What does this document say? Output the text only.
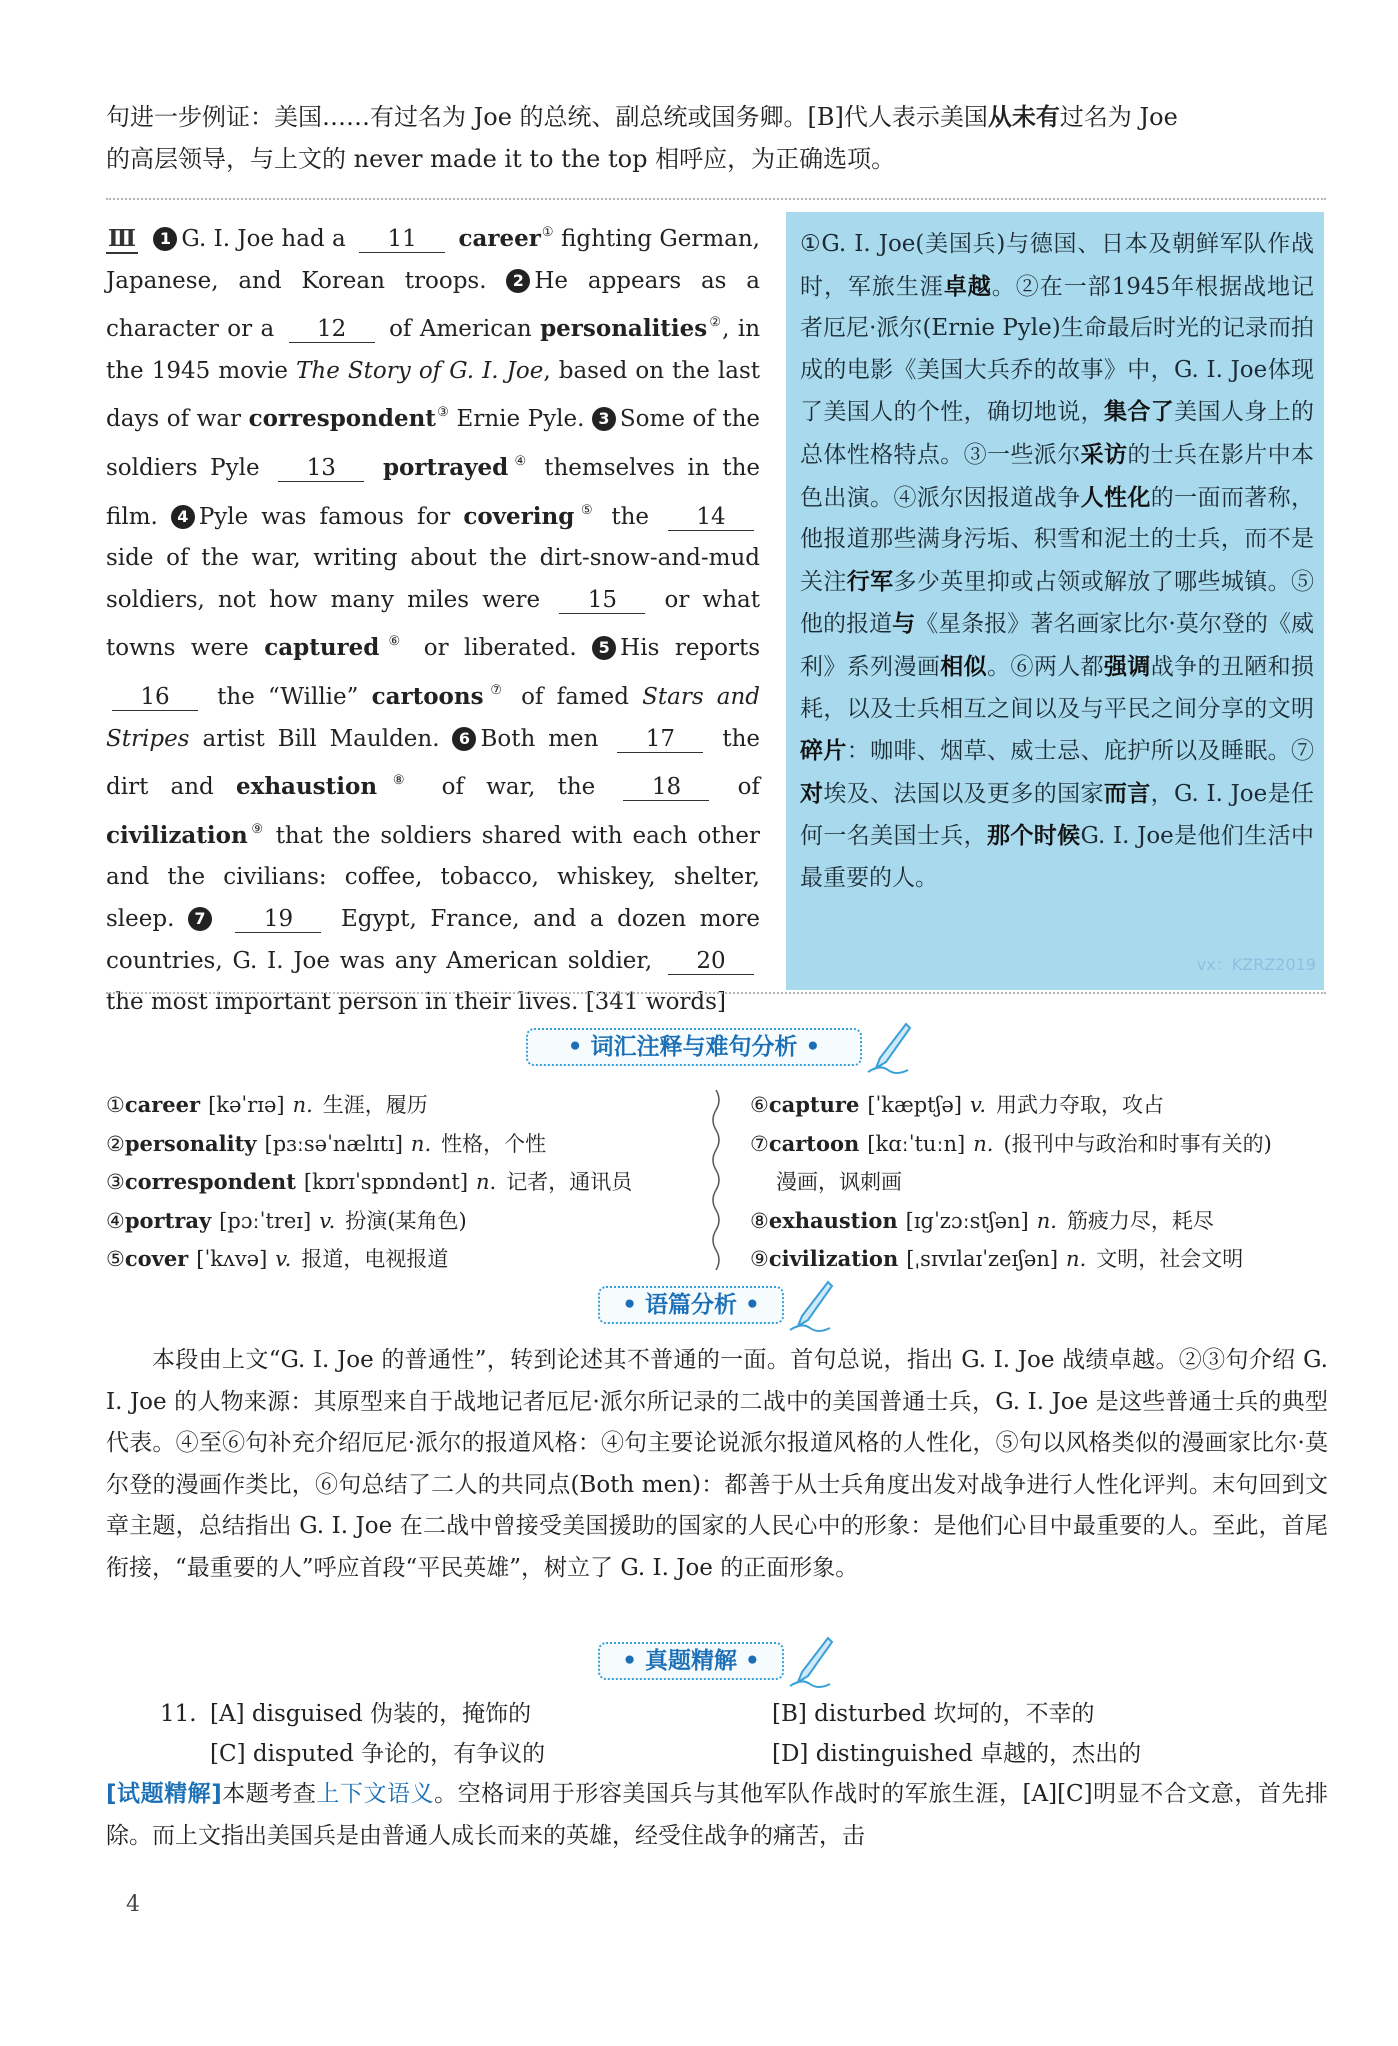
句进一步例证：美国……有过名为 Joe 的总统、副总统或国务卿。[B]代人表示美国从未有过名为 Joe

的高层领导，与上文的 never made it to the top 相呼应，为正确选项。

Ⅲ 1 G. I. Joe had a 11 career① fighting German, Japanese, and Korean troops. 2 He appears as a character or a 12 of American personalities②, in the 1945 movie The Story of G. I. Joe, based on the last days of war correspondent③ Ernie Pyle. 3 Some of the soldiers Pyle 13 portrayed④ themselves in the film. 4 Pyle was famous for covering⑤ the 14 side of the war, writing about the dirt-snow-and-mud soldiers, not how many miles were 15 or what towns were captured⑥ or liberated. 5 His reports 16 the “Willie” cartoons⑦ of famed Stars and Stripes artist Bill Maulden. 6 Both men 17 the dirt and exhaustion⑧ of war, the 18 of civilization⑨ that the soldiers shared with each other and the civilians: coffee, tobacco, whiskey, shelter, sleep. 7	19 Egypt, France, and a dozen more countries, G. I. Joe was any American soldier, 20 the most important person in their lives. [341 words]

①G. I. Joe(美国兵)与德国、日本及朝鲜军队作战时，军旅生涯卓越。②在一部1945年根据战地记者厄尼·派尔(Ernie Pyle)生命最后时光的记录而拍成的电影《美国大兵乔的故事》中，G. I. Joe体现了美国人的个性，确切地说，集合了美国人身上的总体性格特点。③一些派尔采访的士兵在影片中本色出演。④派尔因报道战争人性化的一面而著称，他报道那些满身污垢、积雪和泥土的士兵，而不是关注行军多少英里抑或占领或解放了哪些城镇。⑤他的报道与《星条报》著名画家比尔·莫尔登的《威利》系列漫画相似。⑥两人都强调战争的丑陋和损耗，以及士兵相互之间以及与平民之间分享的文明碎片：咖啡、烟草、威士忌、庇护所以及睡眠。⑦对埃及、法国以及更多的国家而言，G. I. Joe是任何一名美国士兵，那个时候G. I. Joe是他们生活中最重要的人。

vx：KZRZ2019
• 词汇注释与难句分析 •
①career [kəˈrɪə] n. 生涯，履历
②personality [pɜːsəˈnælɪtɪ] n. 性格，个性
③correspondent [kɒrɪˈspɒndənt] n. 记者，通讯员
④portray [pɔːˈtreɪ] v. 扮演(某角色)
⑤cover [ˈkʌvə] v. 报道，电视报道
⑥capture [ˈkæptʃə] v. 用武力夺取，攻占
⑦cartoon [kɑːˈtuːn] n. (报刊中与政治和时事有关的)
漫画，讽刺画
⑧exhaustion [ɪgˈzɔːstʃən] n. 筋疲力尽，耗尽
⑨civilization [ˌsɪvɪlaɪˈzeɪʃən] n. 文明，社会文明
• 语篇分析 •
本段由上文“G. I. Joe 的普通性”，转到论述其不普通的一面。首句总说，指出 G. I. Joe 战绩卓越。②③句介绍 G. I. Joe 的人物来源：其原型来自于战地记者厄尼·派尔所记录的二战中的美国普通士兵，G. I. Joe 是这些普通士兵的典型代表。④至⑥句补充介绍厄尼·派尔的报道风格：④句主要论说派尔报道风格的人性化，⑤句以风格类似的漫画家比尔·莫尔登的漫画作类比，⑥句总结了二人的共同点(Both men)：都善于从士兵角度出发对战争进行人性化评判。末句回到文章主题，总结指出 G. I. Joe 在二战中曾接受美国援助的国家的人民心中的形象：是他们心目中最重要的人。至此，首尾衔接，“最重要的人”呼应首段“平民英雄”，树立了 G. I. Joe 的正面形象。
• 真题精解 •
11. [A] disguised 伪装的，掩饰的	[B] disturbed 坎坷的，不幸的
[C] disputed 争论的，有争议的	[D] distinguished 卓越的，杰出的
[试题精解]本题考查上下文语义。空格词用于形容美国兵与其他军队作战时的军旅生涯，[A][C]明显不合文意，首先排除。而上文指出美国兵是由普通人成长而来的英雄，经受住战争的痛苦，击
4
